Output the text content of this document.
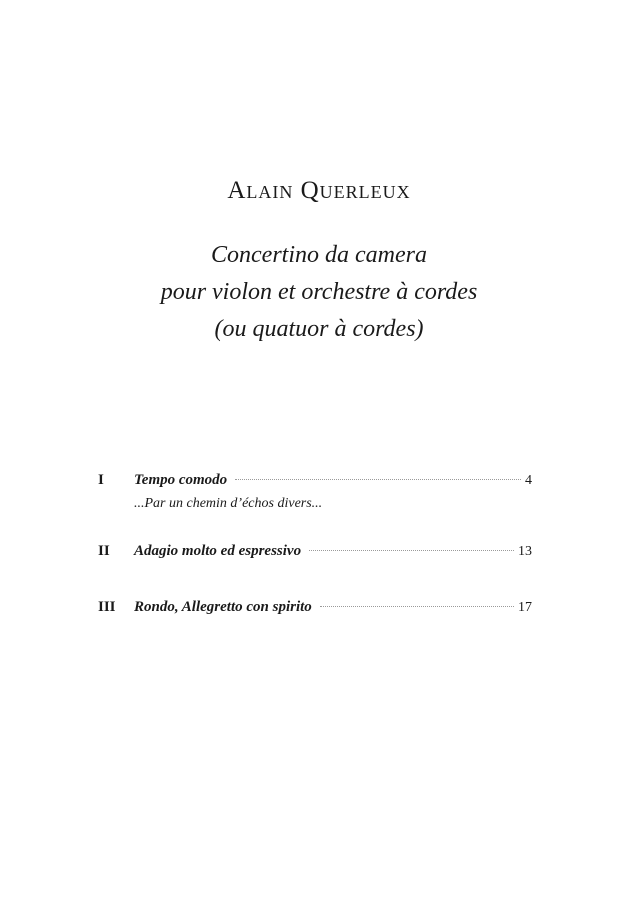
Alain Querleux
Concertino da camera
pour violon et orchestre à cordes
(ou quatuor à cordes)
I	Tempo comodo	4
...Par un chemin d’échos divers...
II	Adagio molto ed espressivo	13
III	Rondo, Allegretto con spirito	17
